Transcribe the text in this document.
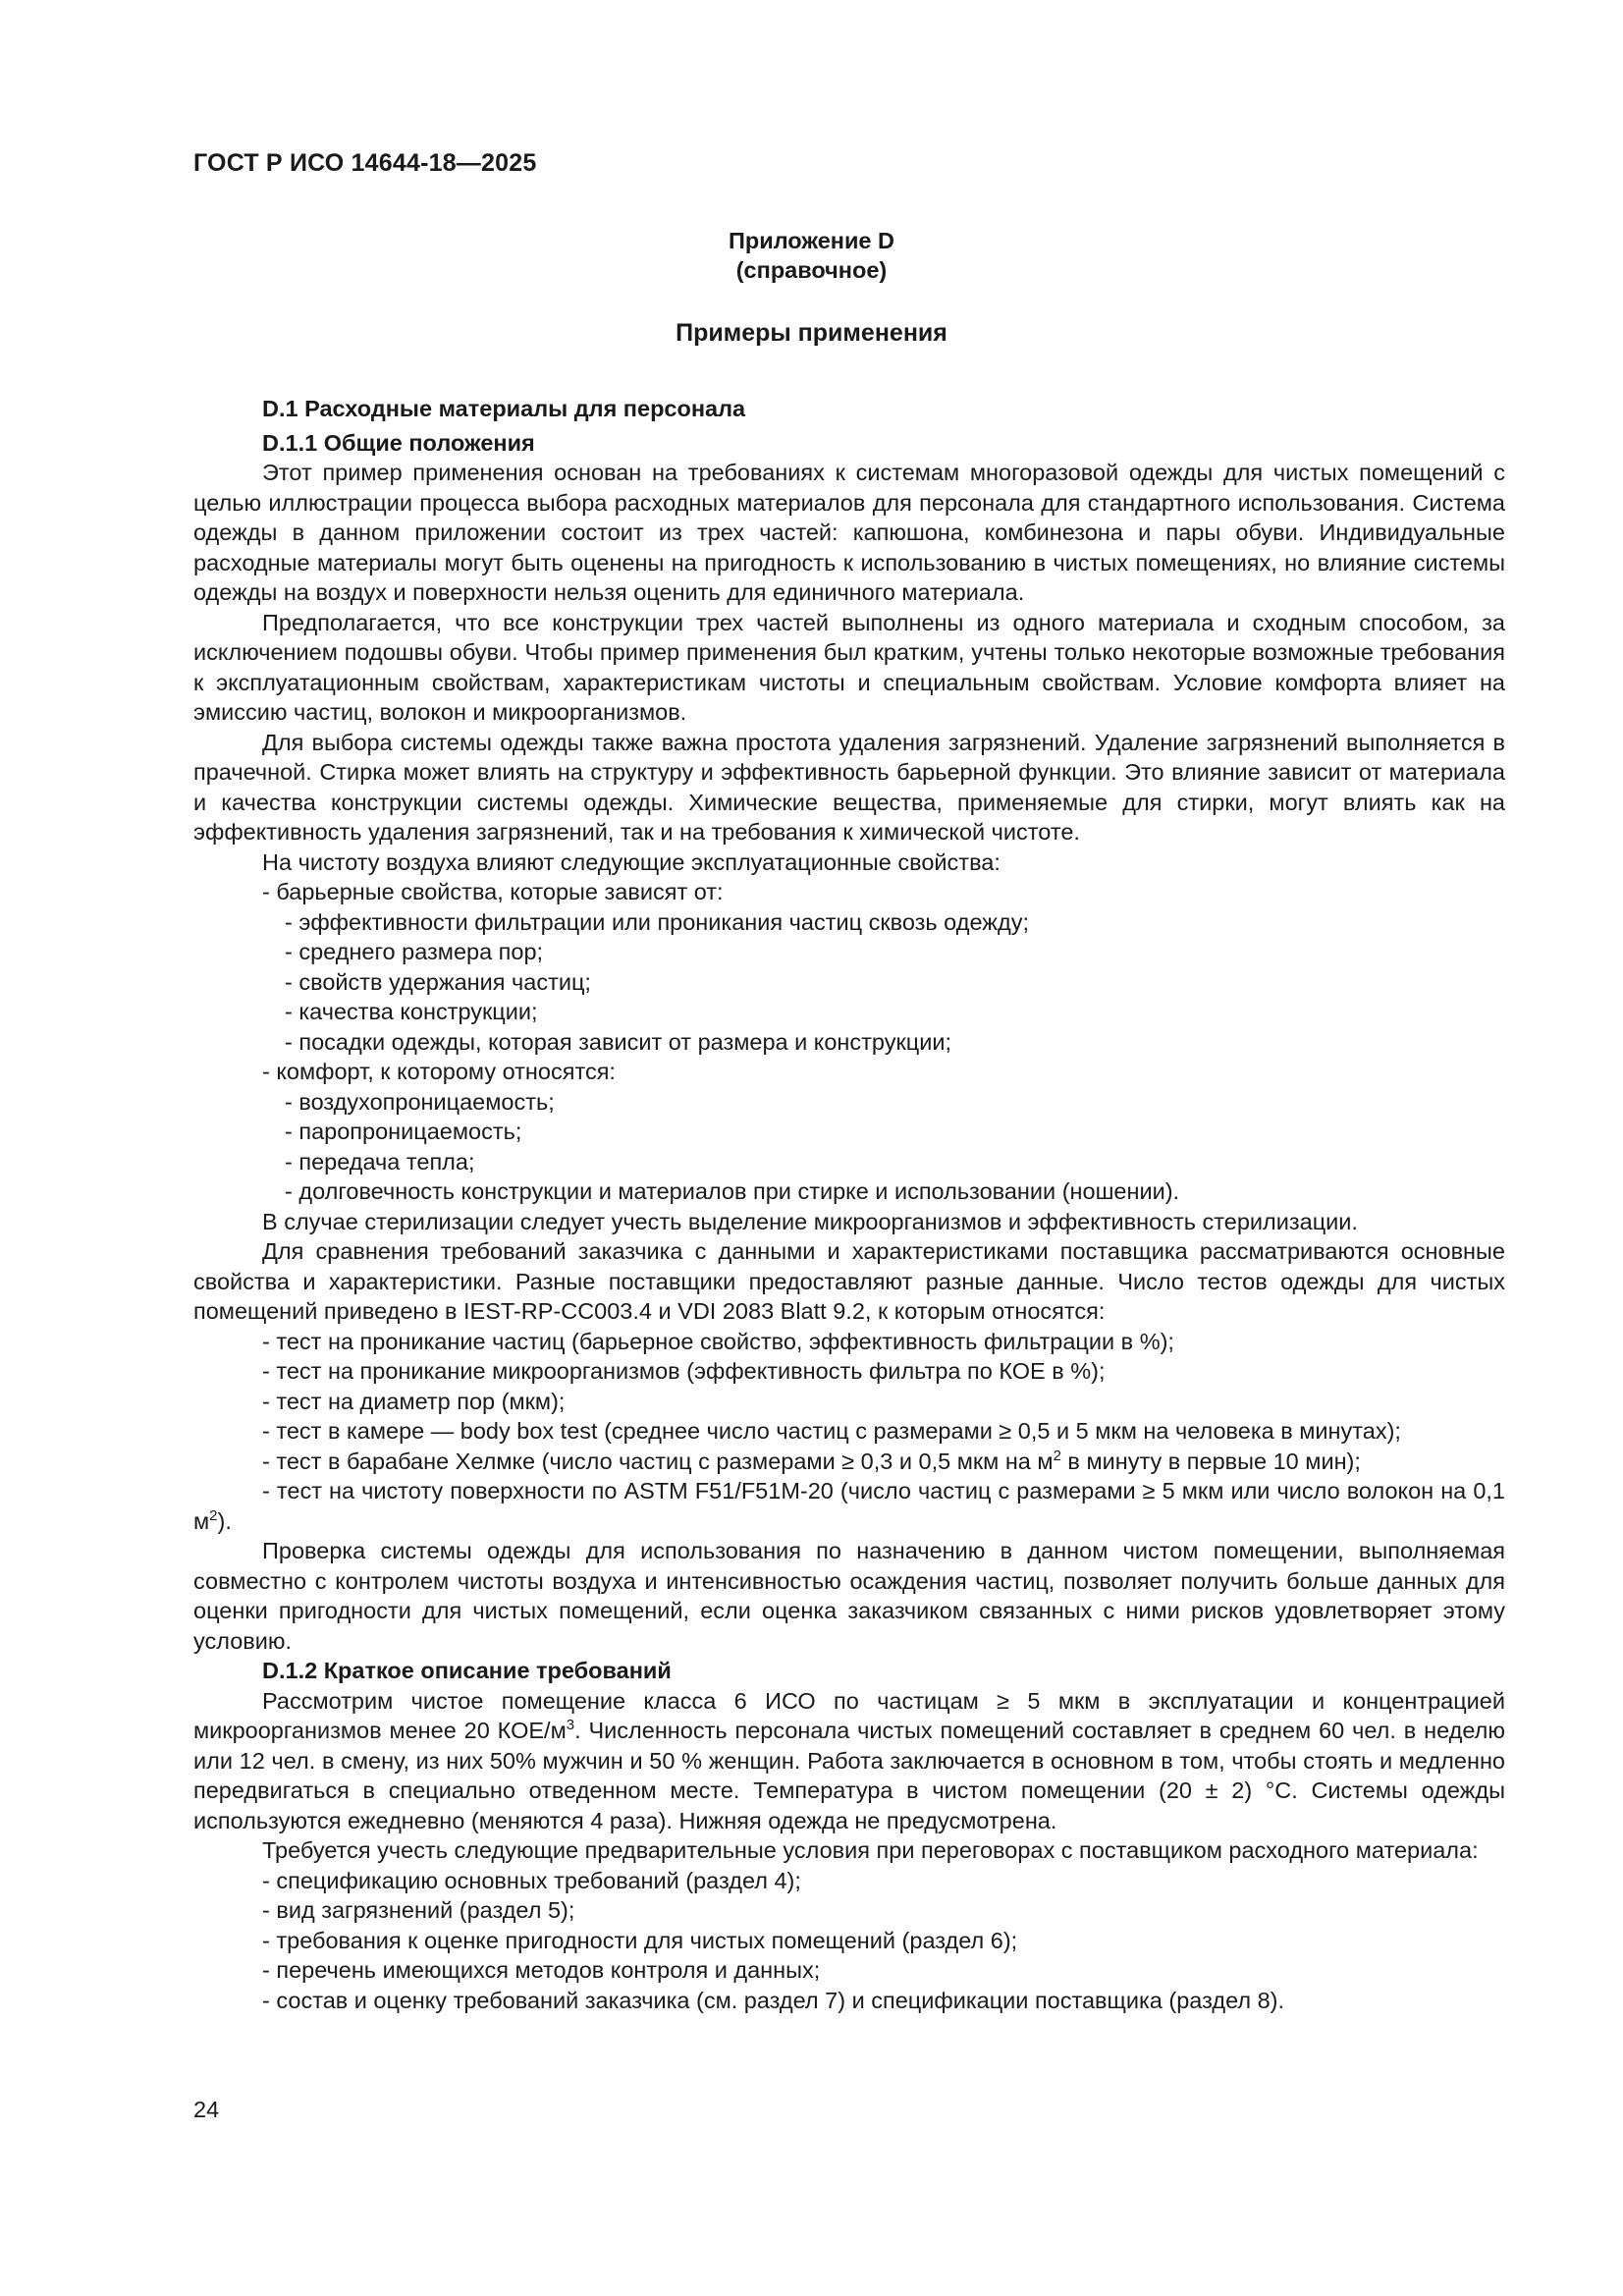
ГОСТ Р ИСО 14644-18—2025
Приложение D
(справочное)
Примеры применения

D.1 Расходные материалы для персонала

D.1.1 Общие положения

Этот пример применения основан на требованиях к системам многоразовой одежды для чистых помещений с целью иллюстрации процесса выбора расходных материалов для персонала для стандартного использования. Система одежды в данном приложении состоит из трех частей: капюшона, комбинезона и пары обуви. Индивидуальные расходные материалы могут быть оценены на пригодность к использованию в чистых помещениях, но влияние системы одежды на воздух и поверхности нельзя оценить для единичного материала.

Предполагается, что все конструкции трех частей выполнены из одного материала и сходным способом, за исключением подошвы обуви. Чтобы пример применения был кратким, учтены только некоторые возможные требования к эксплуатационным свойствам, характеристикам чистоты и специальным свойствам. Условие комфорта влияет на эмиссию частиц, волокон и микроорганизмов.

Для выбора системы одежды также важна простота удаления загрязнений. Удаление загрязнений выполняется в прачечной. Стирка может влиять на структуру и эффективность барьерной функции. Это влияние зависит от материала и качества конструкции системы одежды. Химические вещества, применяемые для стирки, могут влиять как на эффективность удаления загрязнений, так и на требования к химической чистоте.

На чистоту воздуха влияют следующие эксплуатационные свойства:

- барьерные свойства, которые зависят от:

- эффективности фильтрации или проникания частиц сквозь одежду;

- среднего размера пор;

- свойств удержания частиц;

- качества конструкции;

- посадки одежды, которая зависит от размера и конструкции;

- комфорт, к которому относятся:

- воздухопроницаемость;

- паропроницаемость;

- передача тепла;

- долговечность конструкции и материалов при стирке и использовании (ношении).

В случае стерилизации следует учесть выделение микроорганизмов и эффективность стерилизации.

Для сравнения требований заказчика с данными и характеристиками поставщика рассматриваются основные свойства и характеристики. Разные поставщики предоставляют разные данные. Число тестов одежды для чистых помещений приведено в IEST-RP-CC003.4 и VDI 2083 Blatt 9.2, к которым относятся:

- тест на проникание частиц (барьерное свойство, эффективность фильтрации в %);

- тест на проникание микроорганизмов (эффективность фильтра по КОЕ в %);

- тест на диаметр пор (мкм);

- тест в камере — body box test (среднее число частиц с размерами ≥ 0,5 и 5 мкм на человека в минутах);

- тест в барабане Хелмке (число частиц с размерами ≥ 0,3 и 0,5 мкм на $м^2$ в минуту в первые 10 мин);

- тест на чистоту поверхности по ASTM F51/F51M-20 (число частиц с размерами ≥ 5 мкм или число волокон на 0,1 $м^2$).

Проверка системы одежды для использования по назначению в данном чистом помещении, выполняемая совместно с контролем чистоты воздуха и интенсивностью осаждения частиц, позволяет получить больше данных для оценки пригодности для чистых помещений, если оценка заказчиком связанных с ними рисков удовлетворяет этому условию.

D.1.2 Краткое описание требований

Рассмотрим чистое помещение класса 6 ИСО по частицам ≥ 5 мкм в эксплуатации и концентрацией микроорганизмов менее 20 КОЕ/$м^3$. Численность персонала чистых помещений составляет в среднем 60 чел. в неделю или 12 чел. в смену, из них 50% мужчин и 50 % женщин. Работа заключается в основном в том, чтобы стоять и медленно передвигаться в специально отведенном месте. Температура в чистом помещении (20 ± 2) °С. Системы одежды используются ежедневно (меняются 4 раза). Нижняя одежда не предусмотрена.

Требуется учесть следующие предварительные условия при переговорах с поставщиком расходного материала:

- спецификацию основных требований (раздел 4);

- вид загрязнений (раздел 5);

- требования к оценке пригодности для чистых помещений (раздел 6);

- перечень имеющихся методов контроля и данных;

- состав и оценку требований заказчика (см. раздел 7) и спецификации поставщика (раздел 8).

24
